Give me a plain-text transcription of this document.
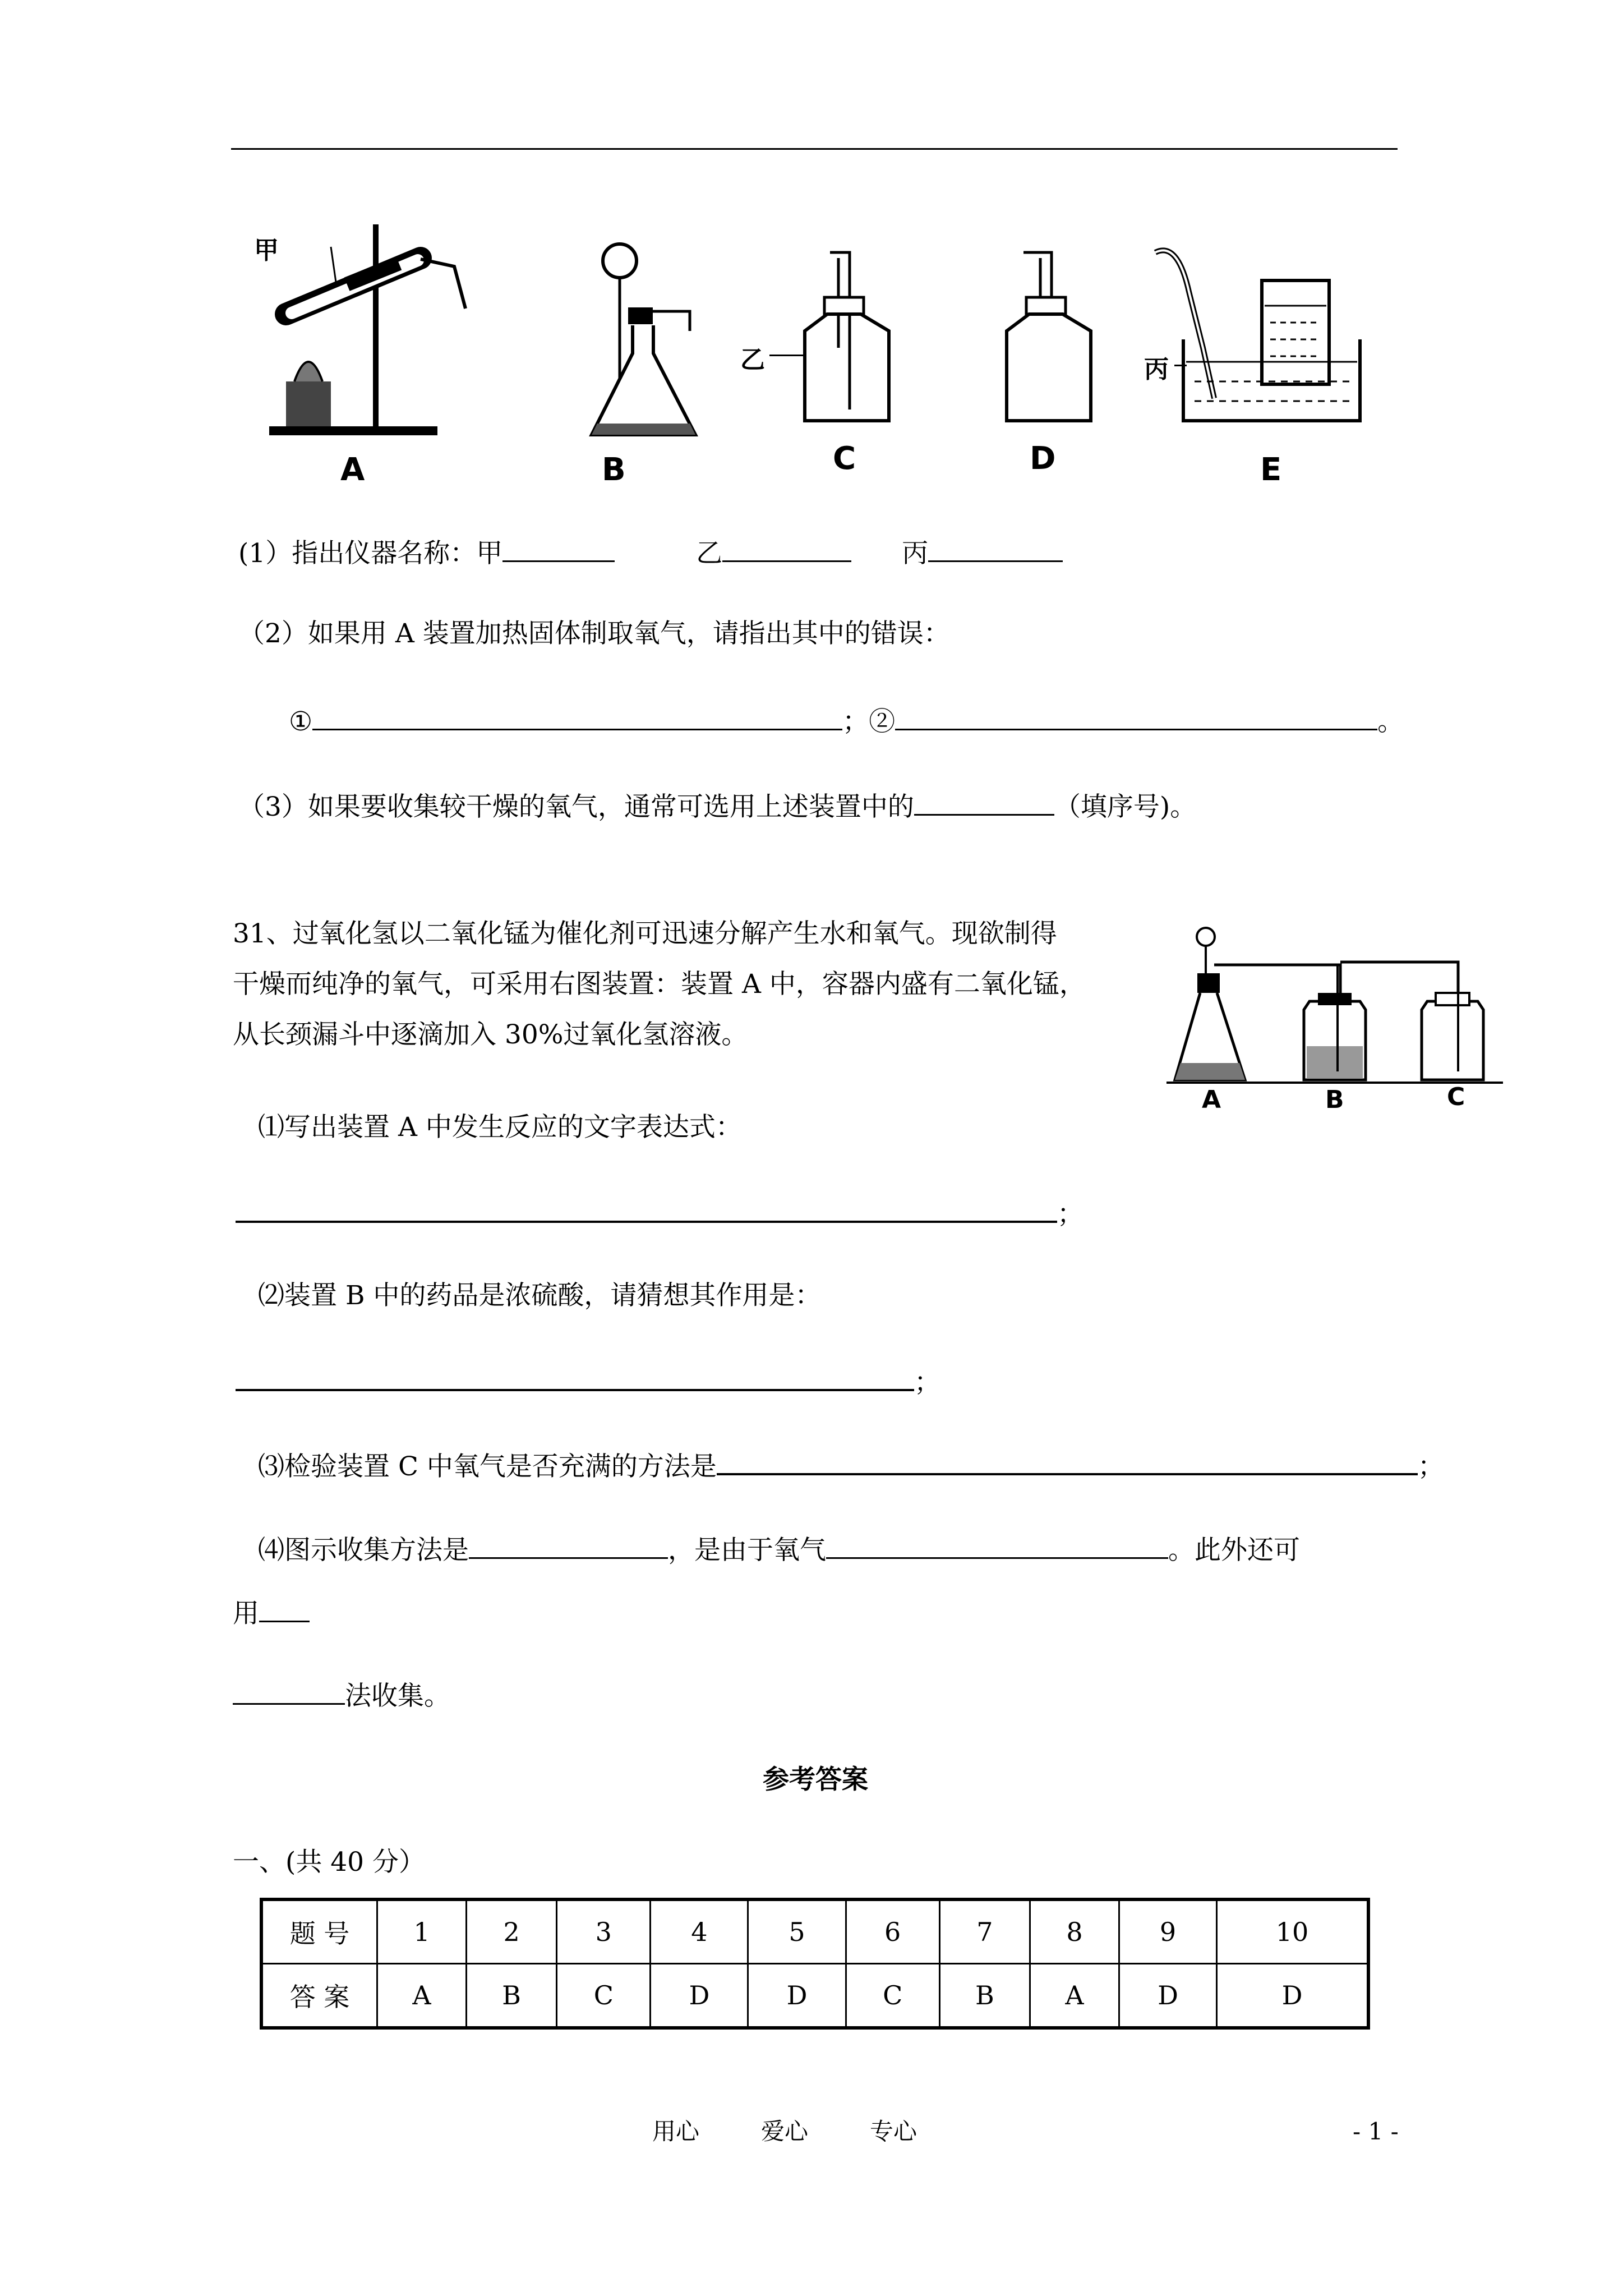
甲
A	B
乙
C	D
丙
E
(1）指出仪器名称：甲	乙	丙
（2）如果用 A 装置加热固体制取氧气，请指出其中的错误：
①	；②	。
（3）如果要收集较干燥的氧气，通常可选用上述装置中的	（填序号)。
31、过氧化氢以二氧化锰为催化剂可迅速分解产生水和氧气。现欲制得
干燥而纯净的氧气，可采用右图装置：装置 A 中，容器内盛有二氧化锰，
从长颈漏斗中逐滴加入 30%过氧化氢溶液。
A	B	C
⑴写出装置 A 中发生反应的文字表达式：
；
⑵装置 B 中的药品是浓硫酸，请猜想其作用是：
；
⑶检验装置 C 中氧气是否充满的方法是	；
⑷图示收集方法是	，是由于氧气	。此外还可
用
法收集。
参考答案
一、(共 40 分）
题 号	1	2	3	4	5	6	7	8	9	10
答 案	A	B	C	D	D	C	B	A	D	D
用心	爱心	专心	- 1 -
